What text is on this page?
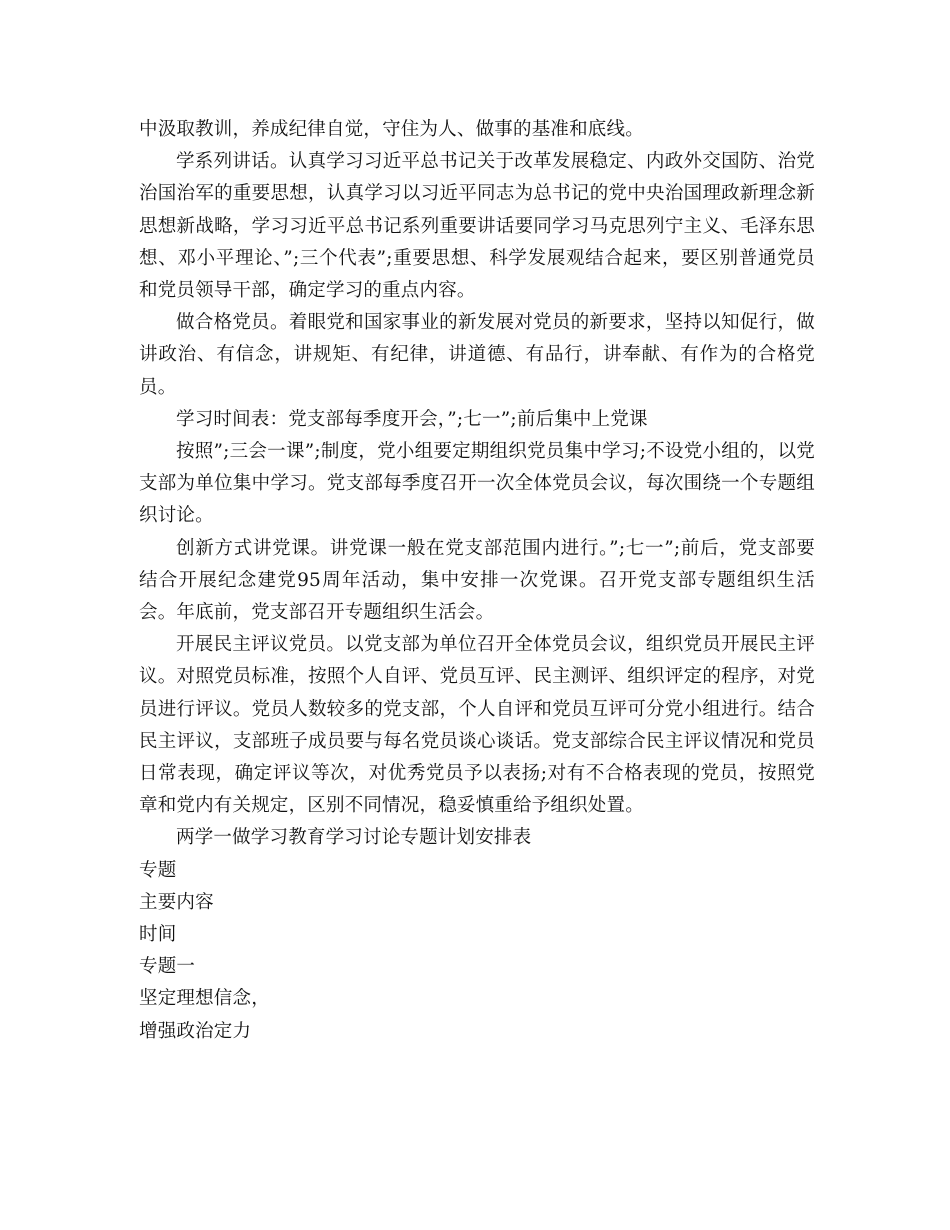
中汲取教训，养成纪律自觉，守住为人、做事的基准和底线。

学系列讲话。认真学习习近平总书记关于改革发展稳定、内政外交国防、治党治国治军的重要思想，认真学习以习近平同志为总书记的党中央治国理政新理念新思想新战略，学习习近平总书记系列重要讲话要同学习马克思列宁主义、毛泽东思想、邓小平理论、”;三个代表”;重要思想、科学发展观结合起来，要区别普通党员和党员领导干部，确定学习的重点内容。

做合格党员。着眼党和国家事业的新发展对党员的新要求，坚持以知促行，做讲政治、有信念，讲规矩、有纪律，讲道德、有品行，讲奉献、有作为的合格党员。

学习时间表：党支部每季度开会，”;七一”;前后集中上党课

按照”;三会一课”;制度，党小组要定期组织党员集中学习;不设党小组的，以党支部为单位集中学习。党支部每季度召开一次全体党员会议，每次围绕一个专题组织讨论。

创新方式讲党课。讲党课一般在党支部范围内进行。”;七一”;前后，党支部要结合开展纪念建党95周年活动，集中安排一次党课。召开党支部专题组织生活会。年底前，党支部召开专题组织生活会。

开展民主评议党员。以党支部为单位召开全体党员会议，组织党员开展民主评议。对照党员标准，按照个人自评、党员互评、民主测评、组织评定的程序，对党员进行评议。党员人数较多的党支部，个人自评和党员互评可分党小组进行。结合民主评议，支部班子成员要与每名党员谈心谈话。党支部综合民主评议情况和党员日常表现，确定评议等次，对优秀党员予以表扬;对有不合格表现的党员，按照党章和党内有关规定，区别不同情况，稳妥慎重给予组织处置。

两学一做学习教育学习讨论专题计划安排表

专题

主要内容

时间

专题一

坚定理想信念，

增强政治定力
